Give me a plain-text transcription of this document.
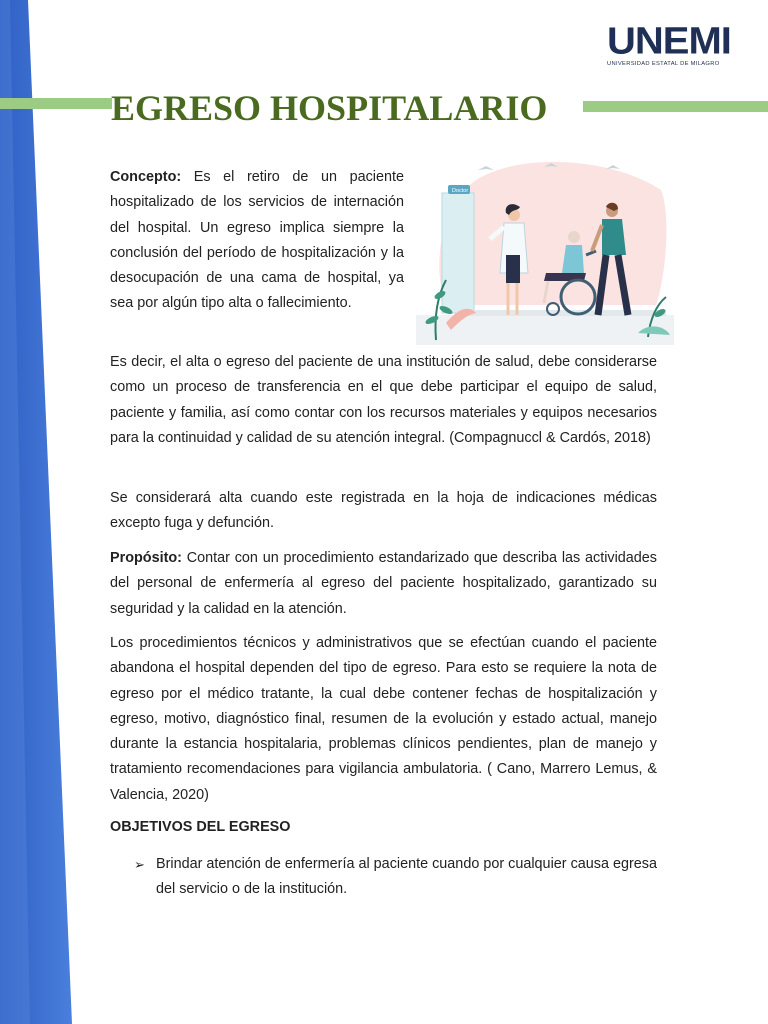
UNEMI
UNIVERSIDAD ESTATAL DE MILAGRO
EGRESO HOSPITALARIO
Doctor

Concepto: Es el retiro de un paciente hospitalizado de los servicios de internación del hospital. Un egreso implica siempre la conclusión del período de hospitalización y la desocupación de una cama de hospital, ya sea por algún tipo alta o fallecimiento.

Es decir, el alta o egreso del paciente de una institución de salud, debe considerarse como un proceso de transferencia en el que debe participar el equipo de salud, paciente y familia, así como contar con los recursos materiales y equipos necesarios para la continuidad y calidad de su atención integral. (Compagnuccl & Cardós, 2018)

Se considerará alta cuando este registrada en la hoja de indicaciones médicas excepto fuga y defunción.

Propósito: Contar con un procedimiento estandarizado que describa las actividades del personal de enfermería al egreso del paciente hospitalizado, garantizado su seguridad y la calidad en la atención.

Los procedimientos técnicos y administrativos que se efectúan cuando el paciente abandona el hospital dependen del tipo de egreso. Para esto se requiere la nota de egreso por el médico tratante, la cual debe contener fechas de hospitalización y egreso, motivo, diagnóstico final, resumen de la evolución y estado actual, manejo durante la estancia hospitalaria, problemas clínicos pendientes, plan de manejo y tratamiento recomendaciones para vigilancia ambulatoria. ( Cano, Marrero Lemus, & Valencia, 2020)

OBJETIVOS DEL EGRESO

➢ Brindar atención de enfermería al paciente cuando por cualquier causa egresa del servicio o de la institución.
